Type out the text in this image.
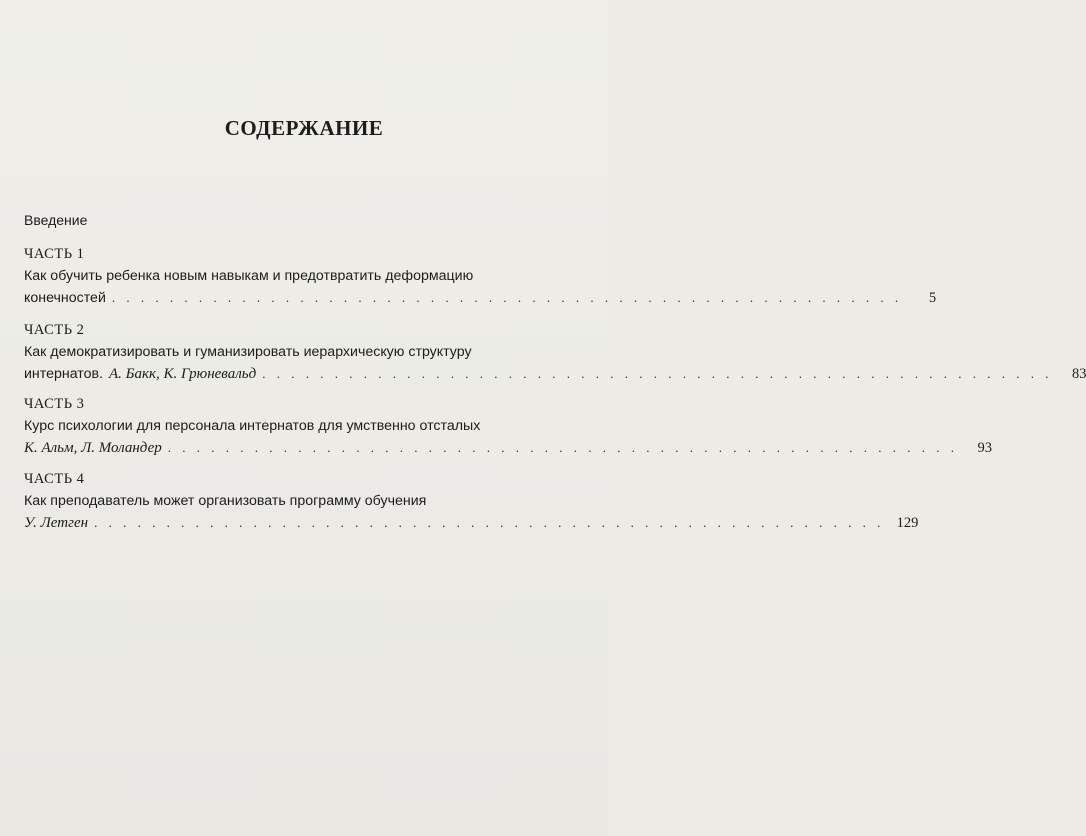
СОДЕРЖАНИЕ
Введение
ЧАСТЬ 1
Как обучить ребенка новым навыкам и предотвратить деформацию
конечностей . . . . . . . . . . . . . . . . . . . . . . . . . . . . . . . . . . . . . . . . . . . . . . . . . . . . . . .	5
ЧАСТЬ 2
Как демократизировать и гуманизировать иерархическую структуру
интернатов. А. Бакк, К. Грюневальд . . . . . . . . . . . . . . . . . . . . . . . . . . . . . . . . . . . . . . . . . . . . . . . . . . . . . . .	83
ЧАСТЬ 3
Курс психологии для персонала интернатов для умственно отсталых
К. Альм, Л. Моландер . . . . . . . . . . . . . . . . . . . . . . . . . . . . . . . . . . . . . . . . . . . . . . . . . . . . . . .	93
ЧАСТЬ 4
Как преподаватель может организовать программу обучения
У. Летген . . . . . . . . . . . . . . . . . . . . . . . . . . . . . . . . . . . . . . . . . . . . . . . . . . . . . . . 129
